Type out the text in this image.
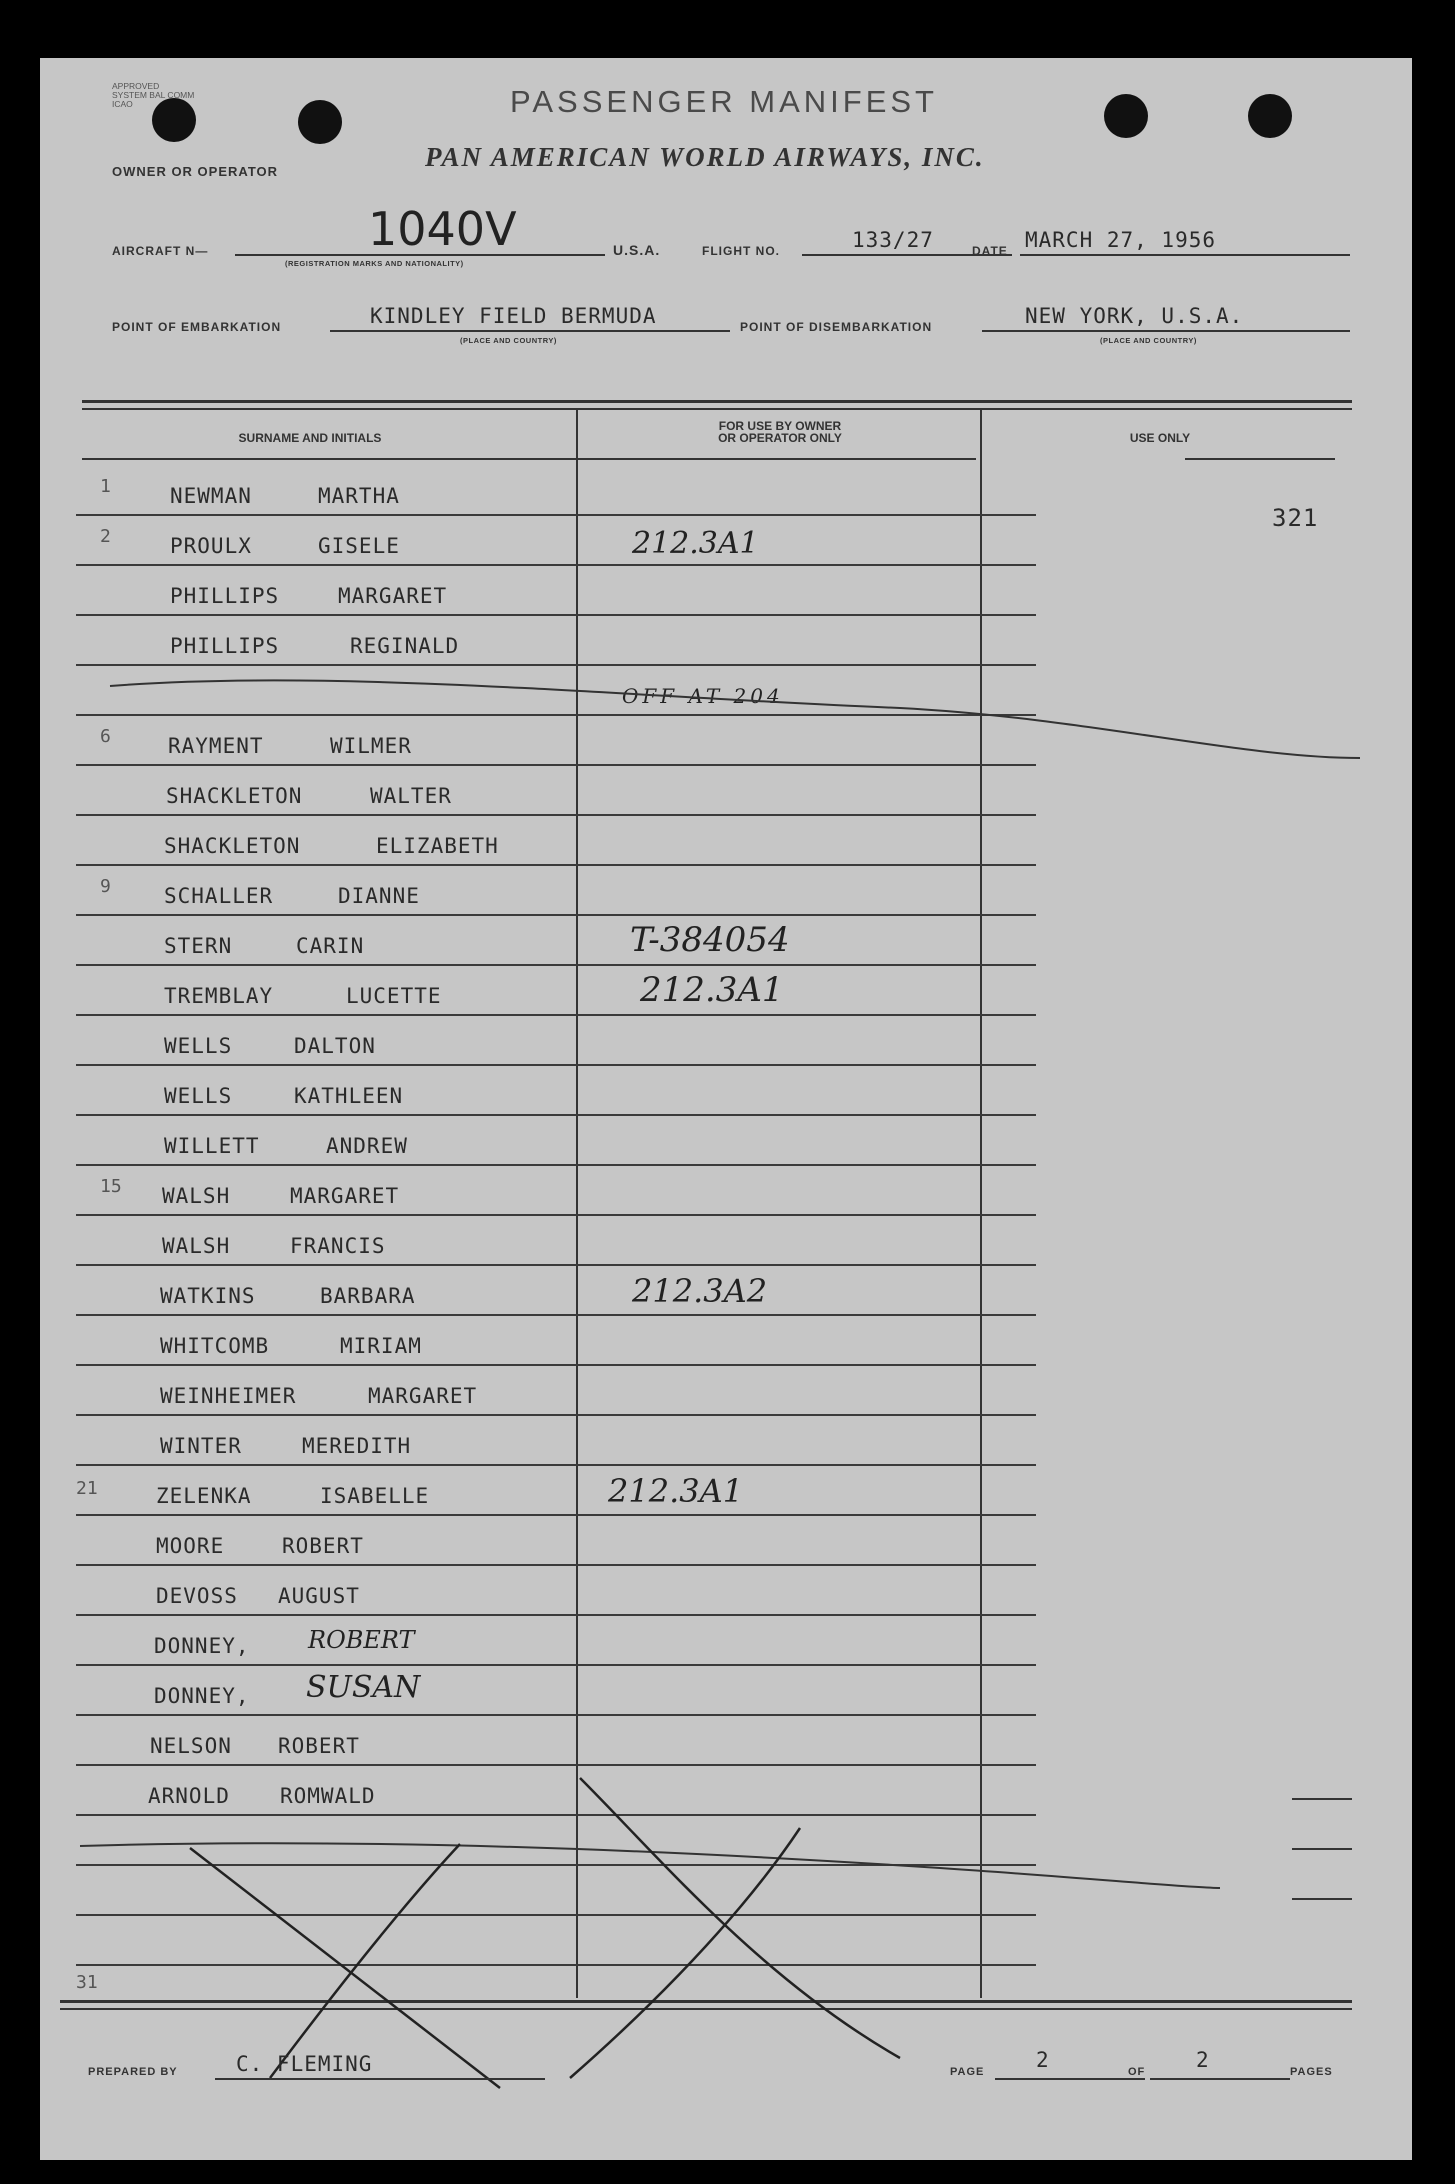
APPROVED
SYSTEM BAL COMM
ICAO	PASSENGER MANIFEST
OWNER OR OPERATOR	PAN AMERICAN WORLD AIRWAYS, INC.
AIRCRAFT N—	1040V
(REGISTRATION MARKS AND NATIONALITY)
U.S.A.	FLIGHT NO.	133/27	DATE MARCH 27, 1956
POINT OF EMBARKATION	KINDLEY FIELD BERMUDA
(PLACE AND COUNTRY)
POINT OF DISEMBARKATION	NEW YORK, U.S.A.
(PLACE AND COUNTRY)
SURNAME AND INITIALS
FOR USE BY OWNER
OR OPERATOR ONLY	USE ONLY
321
1	NEWMAN	MARTHA
2	PROULX	GISELE	212.3A1
PHILLIPS	MARGARET
PHILLIPS	REGINALD
OFF AT 204
6	RAYMENT	WILMER
SHACKLETON	WALTER
SHACKLETON	ELIZABETH
9	SCHALLER	DIANNE
STERN	CARIN	T-384054
TREMBLAY	LUCETTE	212.3A1
WELLS	DALTON
WELLS	KATHLEEN
WILLETT	ANDREW
15 WALSH	MARGARET
WALSH	FRANCIS
WATKINS	BARBARA	212.3A2
WHITCOMB	MIRIAM
WEINHEIMER	MARGARET
WINTER	MEREDITH
21	ZELENKA	ISABELLE	212.3A1
MOORE	ROBERT
DEVOSS AUGUST
DONNEY, ROBERT
DONNEY, SUSAN
NELSON ROBERT
ARNOLD ROMWALD
31
PREPARED BY	C. FLEMING	PAGE 2	OF 2	PAGES
